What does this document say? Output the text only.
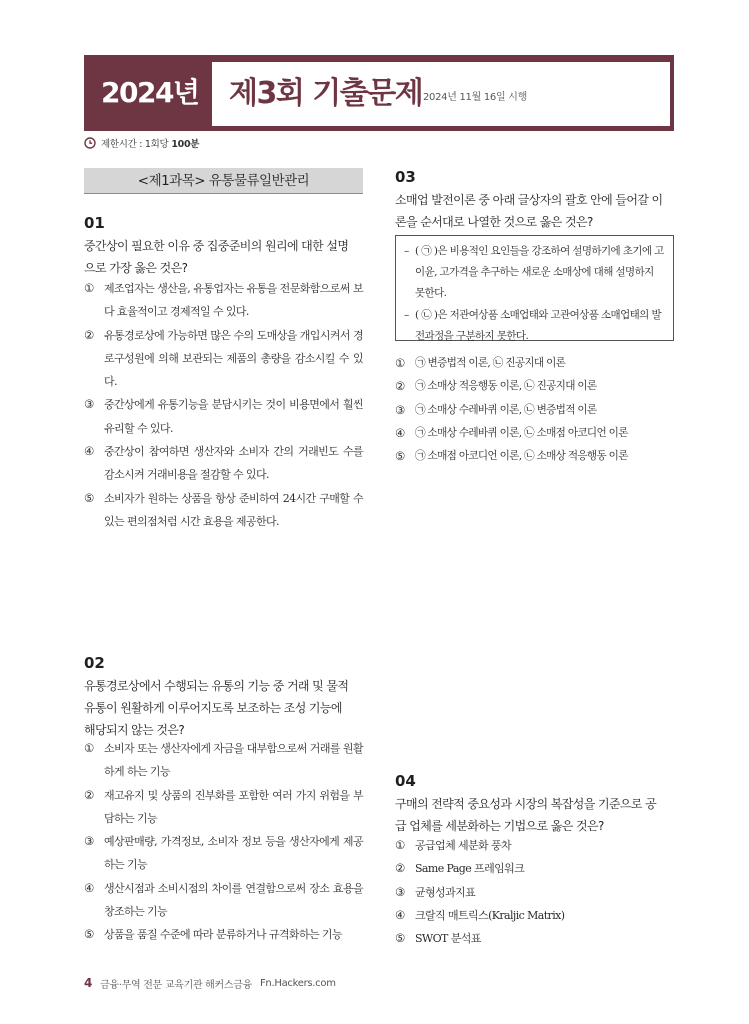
2024년	제3회 기출문제 2024년 11월 16일 시행
제한시간 : 1회당 100분
<제1과목> 유통물류일반관리
01
중간상이 필요한 이유 중 집중준비의 원리에 대한 설명
으로 가장 옳은 것은?
① 제조업자는 생산을, 유통업자는 유통을 전문화함으로써 보다 효율적이고 경제적일 수 있다.
② 유통경로상에 가능하면 많은 수의 도매상을 개입시켜서 경로구성원에 의해 보관되는 제품의 총량을 감소시킬 수 있다.
③ 중간상에게 유통기능을 분담시키는 것이 비용면에서 훨씬 유리할 수 있다.
④ 중간상이 참여하면 생산자와 소비자 간의 거래빈도 수를 감소시켜 거래비용을 절감할 수 있다.
⑤ 소비자가 원하는 상품을 항상 준비하여 24시간 구매할 수 있는 편의점처럼 시간 효용을 제공한다.
02
유통경로상에서 수행되는 유통의 기능 중 거래 및 물적
유통이 원활하게 이루어지도록 보조하는 조성 기능에
해당되지 않는 것은?
① 소비자 또는 생산자에게 자금을 대부함으로써 거래를 원활하게 하는 기능
② 재고유지 및 상품의 진부화를 포함한 여러 가지 위험을 부담하는 기능
③ 예상판매량, 가격정보, 소비자 정보 등을 생산자에게 제공하는 기능
④ 생산시점과 소비시점의 차이를 연결함으로써 장소 효용을 창조하는 기능
⑤ 상품을 품질 수준에 따라 분류하거나 규격화하는 기능
03
소매업 발전이론 중 아래 글상자의 괄호 안에 들어갈 이
론을 순서대로 나열한 것으로 옳은 것은?
– ( ㉠ )은 비용적인 요인들을 강조하여 설명하기에 초기에 고이윤, 고가격을 추구하는 새로운 소매상에 대해 설명하지 못한다.
– ( ㉡ )은 저관여상품 소매업태와 고관여상품 소매업태의 발전과정을 구분하지 못한다.
① ㉠ 변증법적 이론, ㉡ 진공지대 이론
② ㉠ 소매상 적응행동 이론, ㉡ 진공지대 이론
③ ㉠ 소매상 수레바퀴 이론, ㉡ 변증법적 이론
④ ㉠ 소매상 수레바퀴 이론, ㉡ 소매점 아코디언 이론
⑤ ㉠ 소매점 아코디언 이론, ㉡ 소매상 적응행동 이론
04
구매의 전략적 중요성과 시장의 복잡성을 기준으로 공
급 업체를 세분화하는 기법으로 옳은 것은?
① 공급업체 세분화 풍차
② Same Page 프레임워크
③ 균형성과지표
④ 크랄직 매트릭스(Kraljic Matrix)
⑤ SWOT 분석표
4 금융·무역 전문 교육기관 해커스금융 Fn.Hackers.com
